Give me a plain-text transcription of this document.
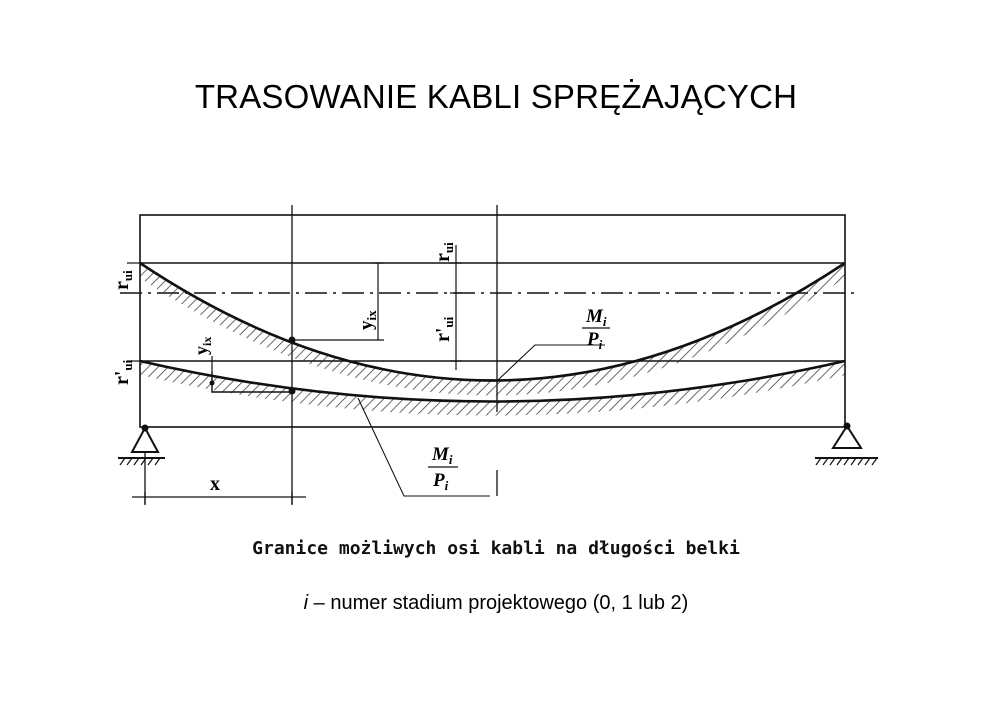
TRASOWANIE KABLI SPRĘŻAJĄCYCH
$r_{ui}$
$r_{ui}$
$r'_{ui}$
$r'_{ui}$
$y_{ix}$
$y_{ix}$
x
$M_i$
$P_i$
$M_i$
$P_i$
Granice możliwych osi kabli na długości belki
i – numer stadium projektowego (0, 1 lub 2)
